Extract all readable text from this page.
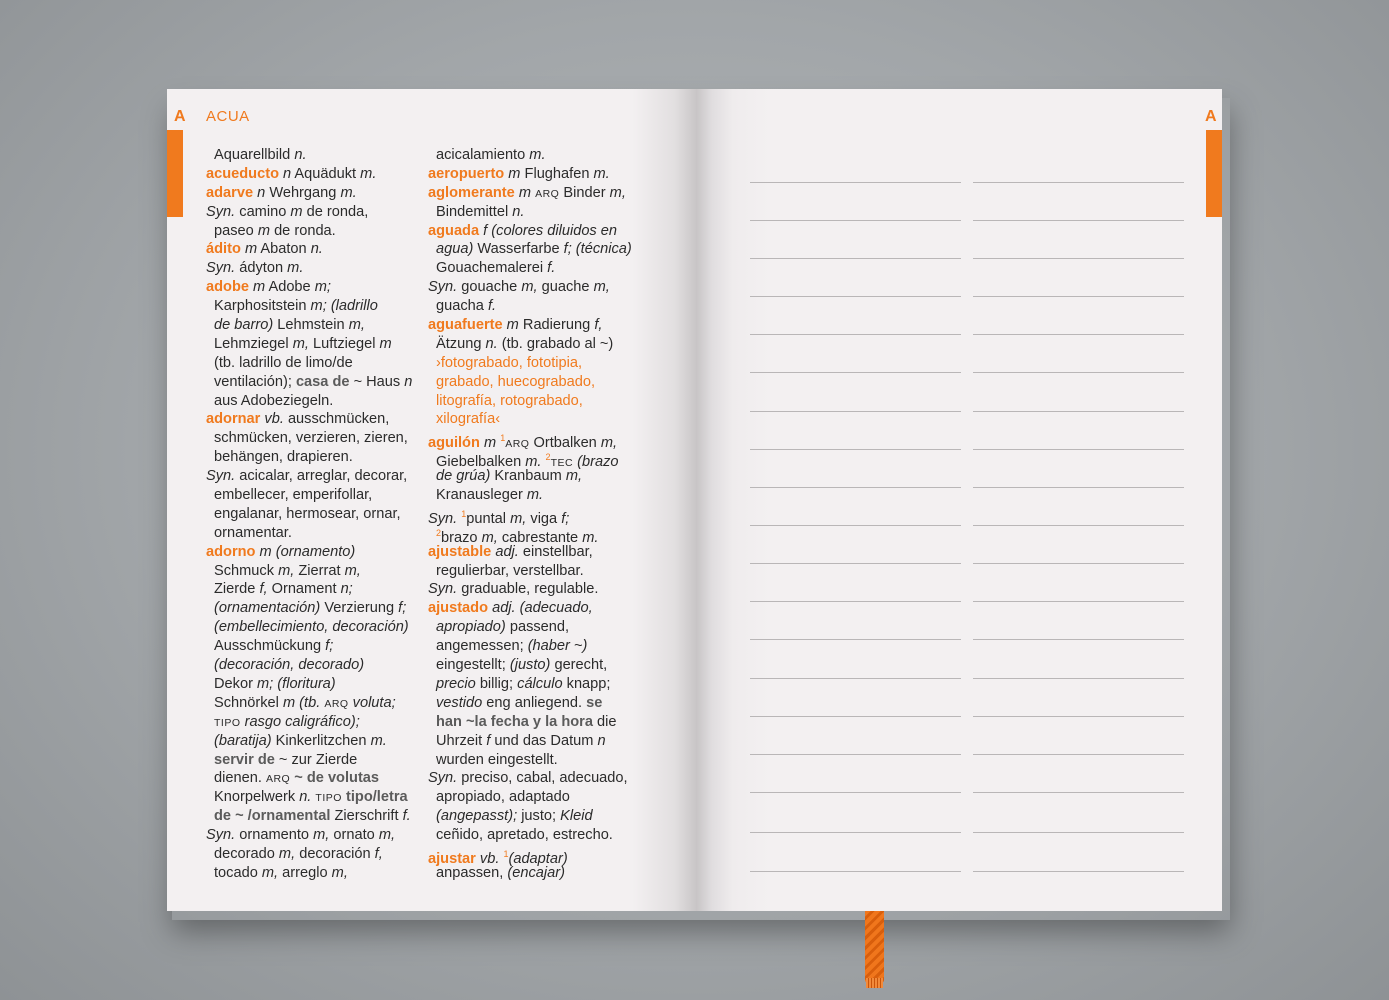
A	A
ACUA
Aquarellbild n.
acueducto n Aquädukt m.
adarve n Wehrgang m.
Syn. camino m de ronda,
paseo m de ronda.
ádito m Abaton n.
Syn. ádyton m.
adobe m Adobe m;
Karphositstein m; (ladrillo
de barro) Lehmstein m,
Lehmziegel m, Luftziegel m
(tb. ladrillo de limo/de
ventilación); casa de ~ Haus n
aus Adobeziegeln.
adornar vb. ausschmücken,
schmücken, verzieren, zieren,
behängen, drapieren.
Syn. acicalar, arreglar, decorar,
embellecer, emperifollar,
engalanar, hermosear, ornar,
ornamentar.
adorno m (ornamento)
Schmuck m, Zierrat m,
Zierde f, Ornament n;
(ornamentación) Verzierung f;
(embellecimiento, decoración)
Ausschmückung f;
(decoración, decorado)
Dekor m; (floritura)
Schnörkel m (tb. ARQ voluta;
TIPO rasgo caligráfico);
(baratija) Kinkerlitzchen m.
servir de ~ zur Zierde
dienen. ARQ ~ de volutas
Knorpelwerk n. TIPO tipo/letra
de ~ /ornamental Zierschrift f.
Syn. ornamento m, ornato m,
decorado m, decoración f,
tocado m, arreglo m,
acicalamiento m.
aeropuerto m Flughafen m.
aglomerante m ARQ Binder m,
Bindemittel n.
aguada f (colores diluidos en
agua) Wasserfarbe f; (técnica)
Gouachemalerei f.
Syn. gouache m, guache m,
guacha f.
aguafuerte m Radierung f,
Ätzung n. (tb. grabado al ~)
›fotograbado, fototipia,
grabado, huecograbado,
litografía, rotograbado,
xilografía‹
aguilón m $^1$ARQ Ortbalken m,
Giebelbalken m. $^2$TEC (brazo
de grúa) Kranbaum m,
Kranausleger m.
Syn. $^1$puntal m, viga f;
$^2$brazo m, cabrestante m.
ajustable adj. einstellbar,
regulierbar, verstellbar.
Syn. graduable, regulable.
ajustado adj. (adecuado,
apropiado) passend,
angemessen; (haber ~)
eingestellt; (justo) gerecht,
precio billig; cálculo knapp;
vestido eng anliegend. se
han ~la fecha y la hora die
Uhrzeit f und das Datum n
wurden eingestellt.
Syn. preciso, cabal, adecuado,
apropiado, adaptado
(angepasst); justo; Kleid
ceñido, apretado, estrecho.
ajustar vb. $^1$(adaptar)
anpassen, (encajar)
